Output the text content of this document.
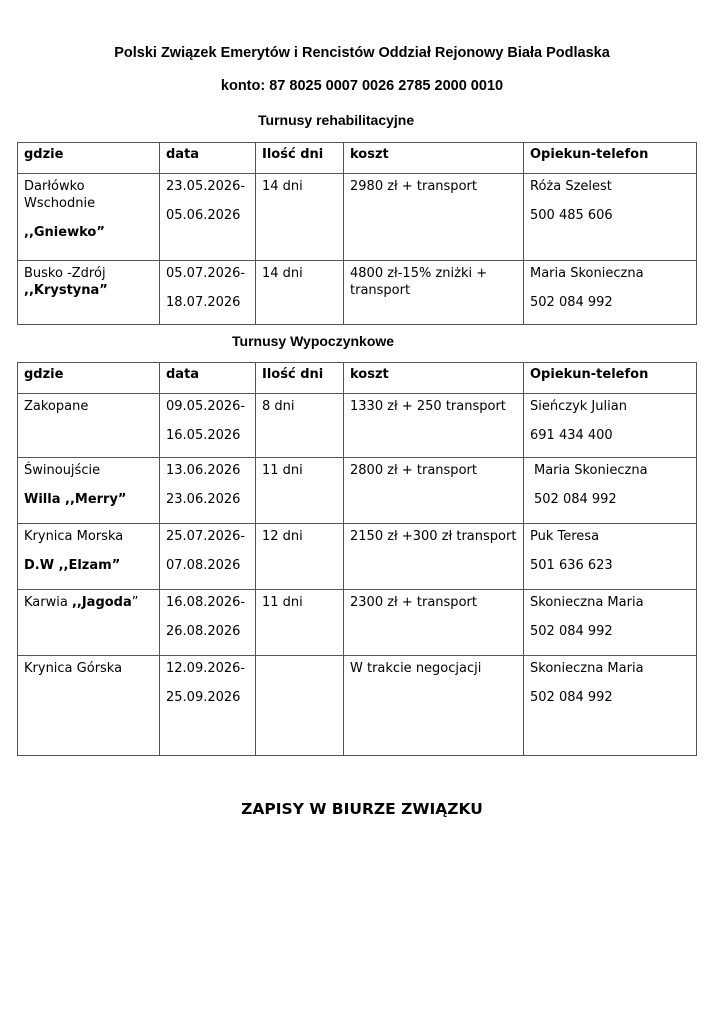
Polski Związek Emerytów i Rencistów Oddział Rejonowy Biała Podlaska
konto: 87 8025 0007 0026 2785 2000 0010
Turnusy rehabilitacyjne
gdzie	data	Ilość dni	koszt	Opiekun-telefon

Darłówko
Wschodnie
,,Gniewko”	23.05.2026-
05.06.2026	14 dni	2980 zł + transport	Róża Szelest
500 485 606

Busko -Zdrój
,,Krystyna”	05.07.2026-
18.07.2026	14 dni	4800 zł-15% zniżki +
transport	Maria Skonieczna
502 084 992
Turnusy Wypoczynkowe
gdzie	data	Ilość dni	koszt	Opiekun-telefon

Zakopane	09.05.2026-
16.05.2026	8 dni	1330 zł + 250 transport	Sieńczyk Julian
691 434 400

Świnoujście
Willa ,,Merry”	13.06.2026
23.06.2026	11 dni	2800 zł + transport	Maria Skonieczna
502 084 992

Krynica Morska
D.W ,,Elzam”	25.07.2026-
07.08.2026	12 dni	2150 zł +300 zł transport	Puk Teresa
501 636 623

Karwia ,,Jagoda”	16.08.2026-
26.08.2026	11 dni	2300 zł + transport	Skonieczna Maria
502 084 992

Krynica Górska	12.09.2026-
25.09.2026		W trakcie negocjacji	Skonieczna Maria
502 084 992
ZAPISY W BIURZE ZWIĄZKU
